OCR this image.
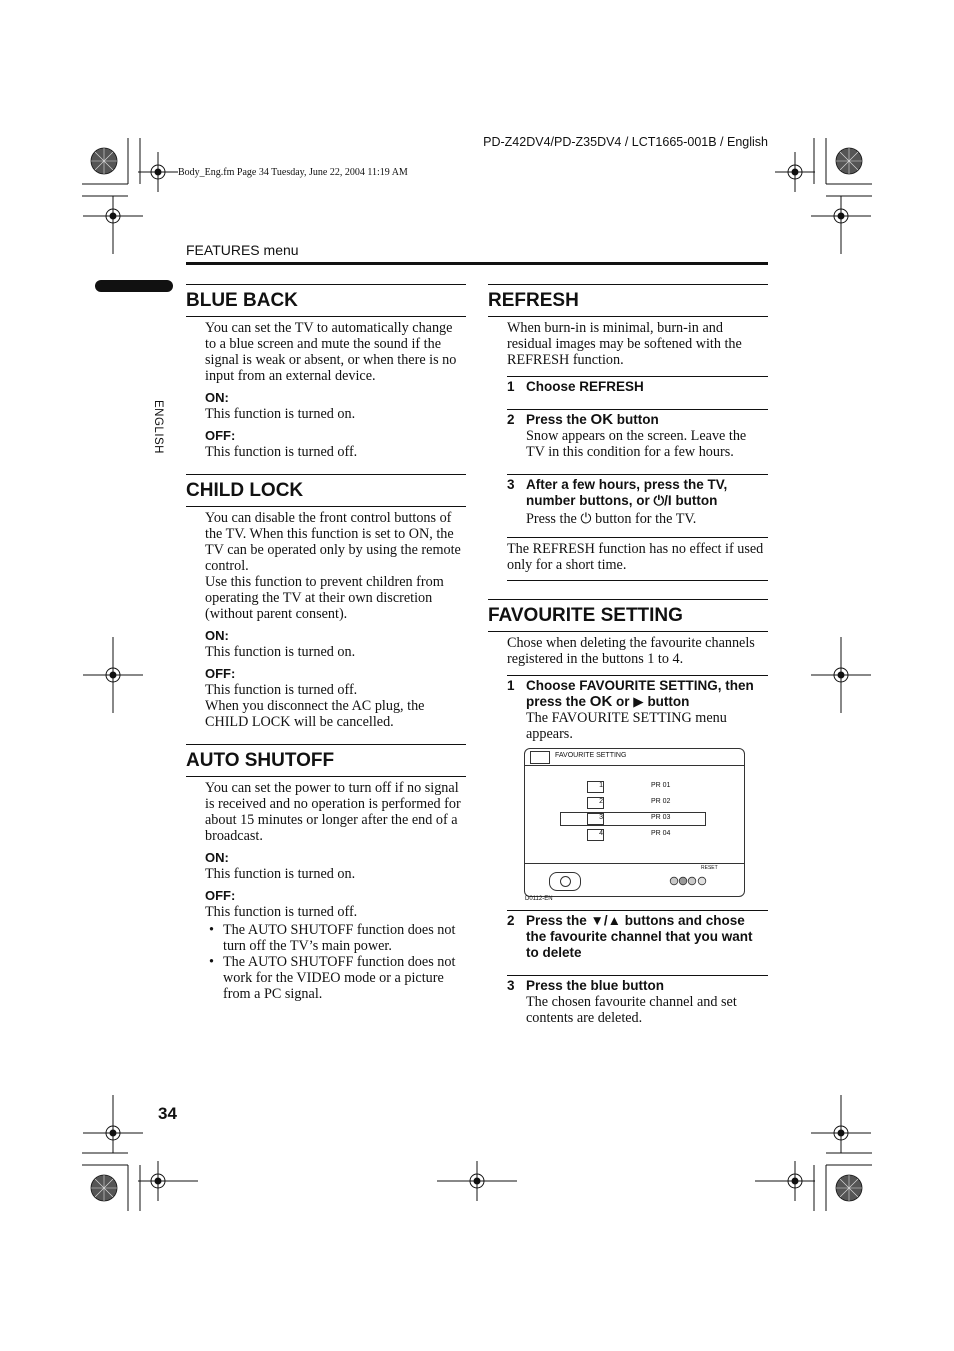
PD-Z42DV4/PD-Z35DV4 / LCT1665-001B / English
Body_Eng.fm Page 34 Tuesday, June 22, 2004 11:19 AM
FEATURES menu
ENGLISH
BLUE BACK
You can set the TV to automatically change to a blue screen and mute the sound if the signal is weak or absent, or when there is no input from an external device.
ON:
This function is turned on.
OFF:
This function is turned off.
CHILD LOCK
You can disable the front control buttons of the TV. When this function is set to ON, the TV can be operated only by using the remote control.
Use this function to prevent children from operating the TV at their own discretion (without parent consent).
ON:
This function is turned on.
OFF:
This function is turned off.
When you disconnect the AC plug, the CHILD LOCK will be cancelled.
AUTO SHUTOFF
You can set the power to turn off if no signal is received and no operation is performed for about 15 minutes or longer after the end of a broadcast.
ON:
This function is turned on.
OFF:
This function is turned off.
• The AUTO SHUTOFF function does not turn off the TV’s main power.
• The AUTO SHUTOFF function does not work for the VIDEO mode or a picture from a PC signal.
REFRESH
When burn-in is minimal, burn-in and residual images may be softened with the REFRESH function.
1 Choose REFRESH
2 Press the OK button
Snow appears on the screen. Leave the TV in this condition for a few hours.
3 After a few hours, press the TV, number buttons, or ⏻/I button
Press the ⏻ button for the TV.
The REFRESH function has no effect if used only for a short time.
FAVOURITE SETTING
Chose when deleting the favourite channels registered in the buttons 1 to 4.
1 Choose FAVOURITE SETTING, then press the OK or ▶ button
The FAVOURITE SETTING menu appears.
2 Press the ▼/▲ buttons and chose the favourite channel that you want to delete
3 Press the blue button
The chosen favourite channel and set contents are deleted.
FAVOURITE SETTING
1	PR 01
2	PR 02
3	PR 03
4	PR 04
RESET
D0112-EN
34
